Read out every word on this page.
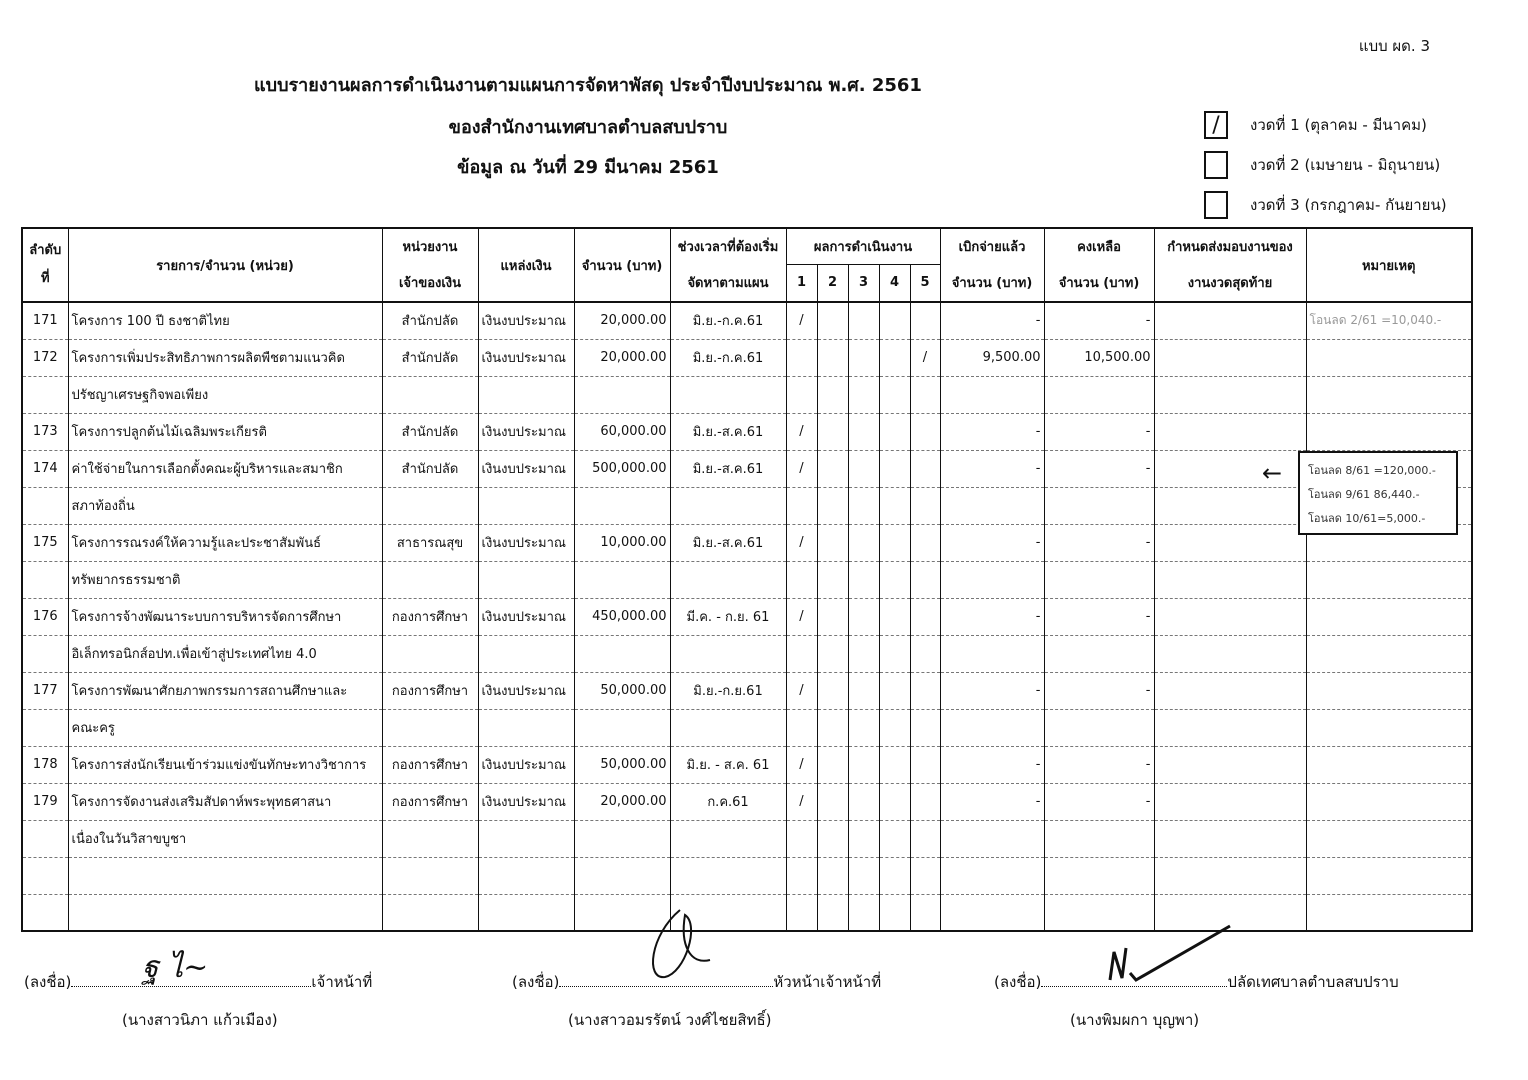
แบบ ผด. 3
แบบรายงานผลการดำเนินงานตามแผนการจัดหาพัสดุ ประจำปีงบประมาณ พ.ศ. 2561
ของสำนักงานเทศบาลตำบลสบปราบ
ข้อมูล ณ วันที่ 29 มีนาคม 2561
/	งวดที่ 1 (ตุลาคม - มีนาคม)
งวดที่ 2 (เมษายน - มิถุนายน)
งวดที่ 3 (กรกฎาคม- กันยายน)
ลำดับที่	รายการ/จำนวน (หน่วย)	หน่วยงาน	แหล่งเงิน	จำนวน (บาท)	ช่วงเวลาที่ต้องเริ่ม	ผลการดำเนินงาน					เบิกจ่ายแล้ว	คงเหลือ	กำหนดส่งมอบงานของ	หมายเหตุ
		เจ้าของเงิน			จัดหาตามแผน	1	2	3	4	5	จำนวน (บาท)	จำนวน (บาท)	งานงวดสุดท้าย	
171	โครงการ 100 ปี ธงชาติไทย	สำนักปลัด	เงินงบประมาณ	20,000.00	มิ.ย.-ก.ค.61	/					-	-		โอนลด 2/61 =10,040.-
172	โครงการเพิ่มประสิทธิภาพการผลิตพืชตามแนวคิด	สำนักปลัด	เงินงบประมาณ	20,000.00	มิ.ย.-ก.ค.61					/	9,500.00	10,500.00		
	ปรัชญาเศรษฐกิจพอเพียง													
173	โครงการปลูกต้นไม้เฉลิมพระเกียรติ	สำนักปลัด	เงินงบประมาณ	60,000.00	มิ.ย.-ส.ค.61	/					-	-		
174	ค่าใช้จ่ายในการเลือกตั้งคณะผู้บริหารและสมาชิก	สำนักปลัด	เงินงบประมาณ	500,000.00	มิ.ย.-ส.ค.61	/					-	-		
	สภาท้องถิ่น													
175	โครงการรณรงค์ให้ความรู้และประชาสัมพันธ์	สาธารณสุข	เงินงบประมาณ	10,000.00	มิ.ย.-ส.ค.61	/					-	-		
	ทรัพยากรธรรมชาติ													
176	โครงการจ้างพัฒนาระบบการบริหารจัดการศึกษา	กองการศึกษา	เงินงบประมาณ	450,000.00	มี.ค. - ก.ย. 61	/					-	-		
	อิเล็กทรอนิกส์อปท.เพื่อเข้าสู่ประเทศไทย 4.0													
177	โครงการพัฒนาศักยภาพกรรมการสถานศึกษาและ	กองการศึกษา	เงินงบประมาณ	50,000.00	มิ.ย.-ก.ย.61	/					-	-		
	คณะครู													
178	โครงการส่งนักเรียนเข้าร่วมแข่งขันทักษะทางวิชาการ	กองการศึกษา	เงินงบประมาณ	50,000.00	มิ.ย. - ส.ค. 61	/					-	-		
179	โครงการจัดงานส่งเสริมสัปดาห์พระพุทธศาสนา	กองการศึกษา	เงินงบประมาณ	20,000.00	ก.ค.61	/					-	-		
	เนื่องในวันวิสาขบูชา													

← โอนลด 8/61 =120,000.-
โอนลด 9/61 86,440.-
โอนลด 10/61=5,000.-
(ลงชื่อ)	เจ้าหน้าที่
ฐ ไ~
(นางสาวนิภา แก้วเมือง)
(ลงชื่อ)	หัวหน้าเจ้าหน้าที่
(นางสาวอมรรัตน์ วงศ์ไชยสิทธิ์)
(ลงชื่อ)	ปลัดเทศบาลตำบลสบปราบ
(นางพิมผกา บุญพา)
